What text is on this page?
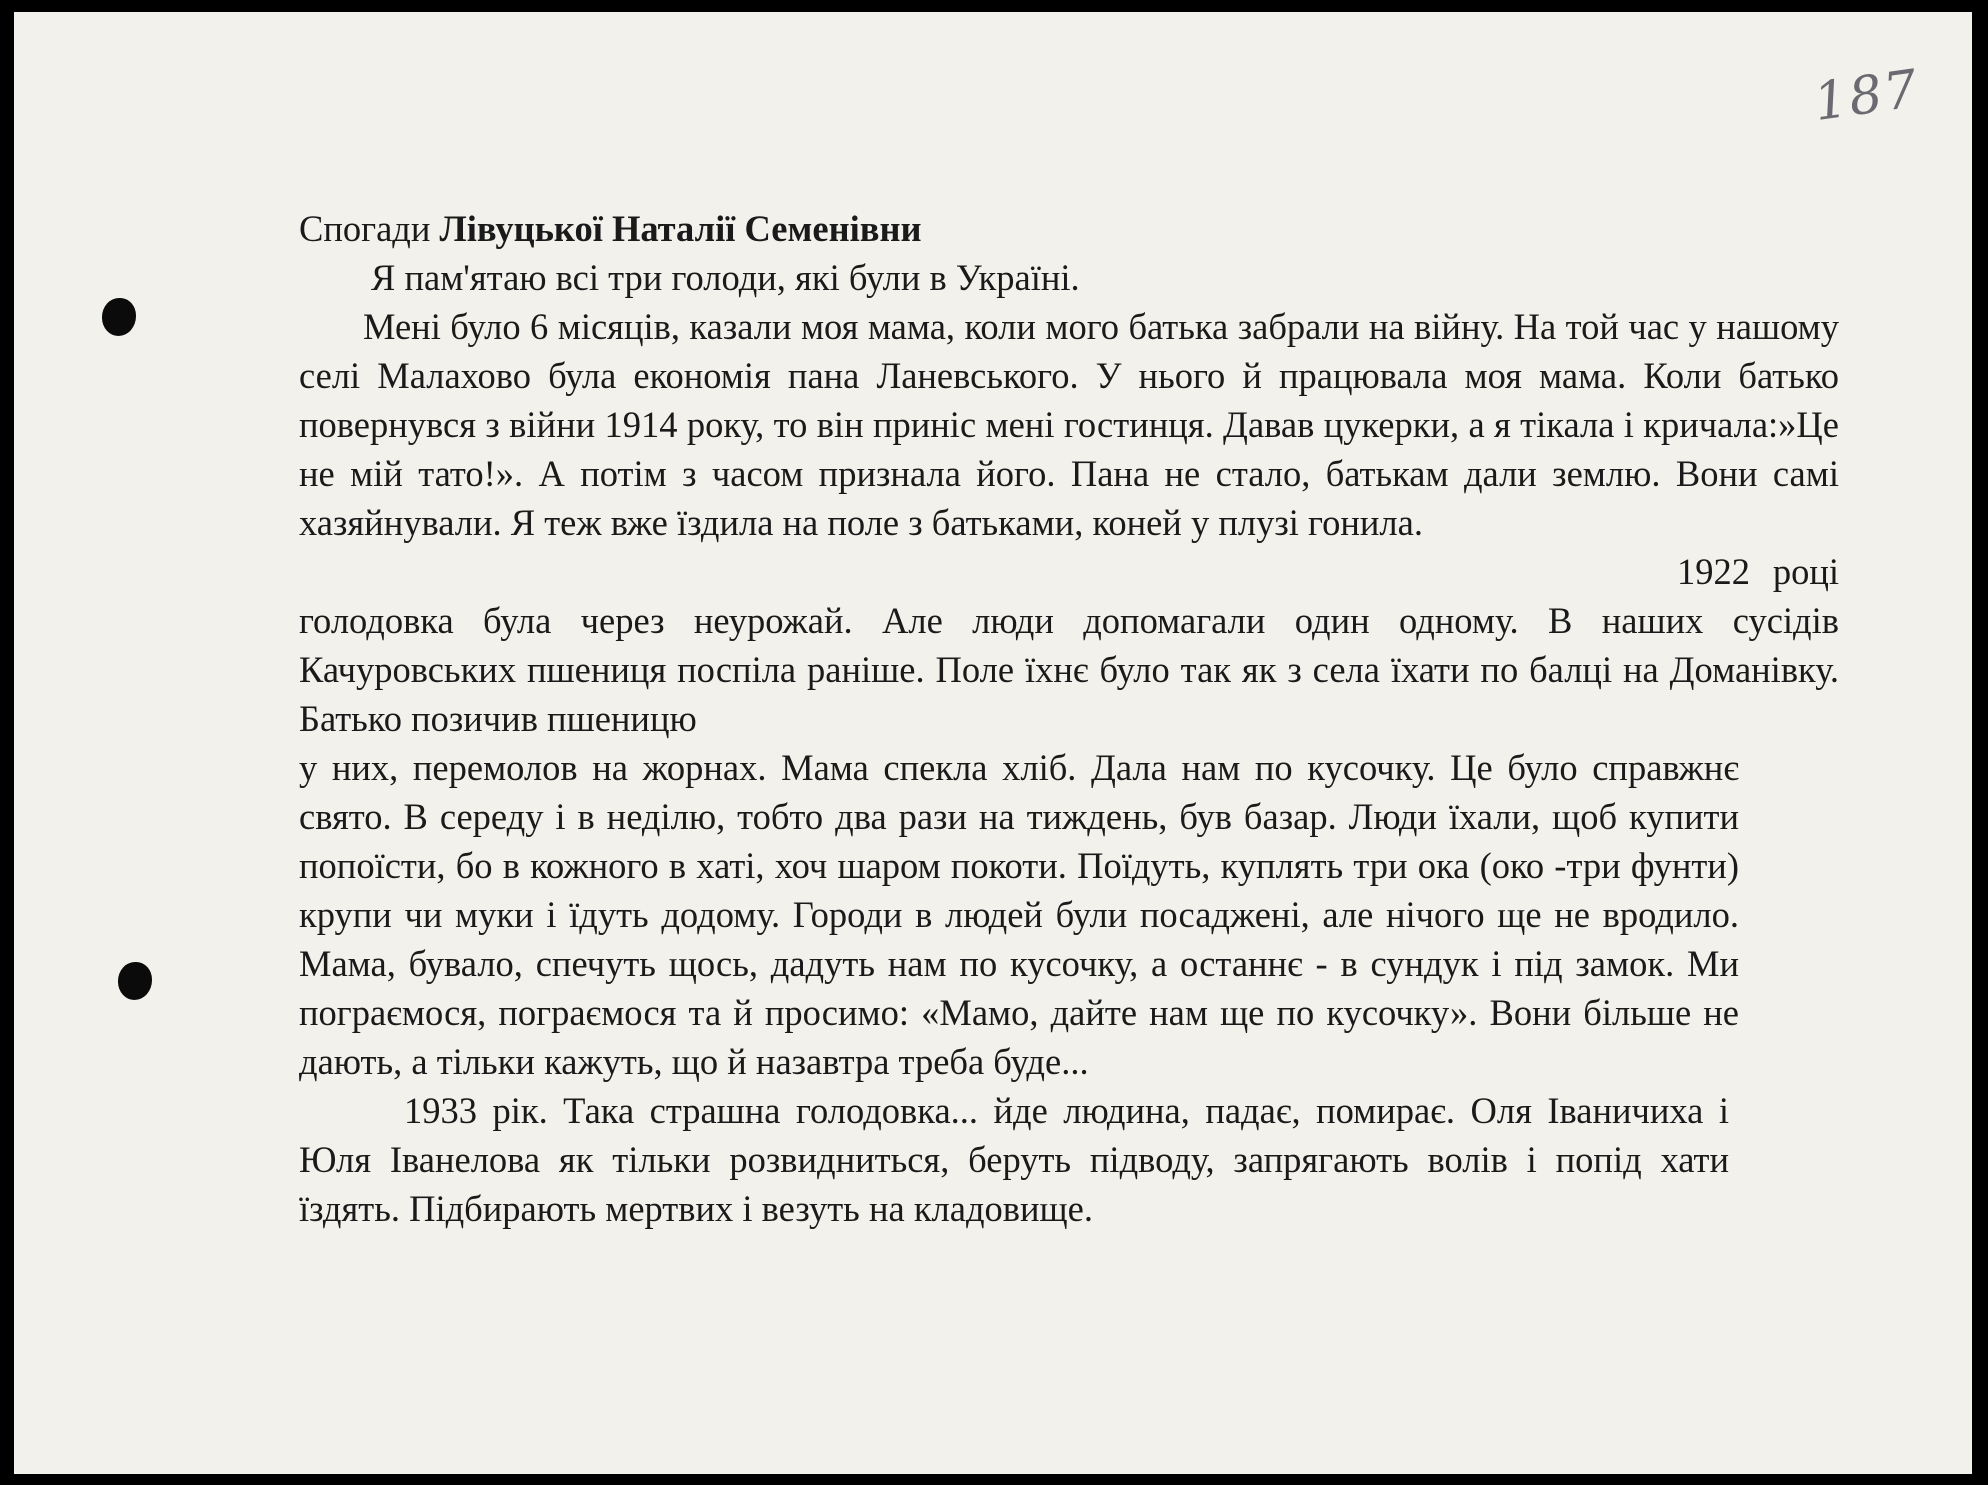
187

Спогади Лівуцької Наталії Семенівни

Я пам'ятаю всі три голоди, які були в Україні.

Мені було 6 місяців, казали моя мама, коли мого батька забрали на війну. На той час у нашому селі Малахово була економія пана Ланевського. У нього й працювала моя мама. Коли батько повернувся з війни 1914 року, то він приніс мені гостинця. Давав цукерки, а я тікала і кричала:»Це не мій тато!». А потім з часом признала його. Пана не стало, батькам дали землю. Вони самі хазяйнували. Я теж вже їздила на поле з батьками, коней у плузі гонила.

1922 році голодовка була через неурожай. Але люди допомагали один одному. В наших сусідів Качуровських пшениця поспіла раніше. Поле їхнє було так як з села їхати по балці на Доманівку. Батько позичив пшеницю

у них, перемолов на жорнах. Мама спекла хліб. Дала нам по кусочку. Це було справжнє свято. В середу і в неділю, тобто два рази на тиждень, був базар. Люди їхали, щоб купити попоїсти, бо в кожного в хаті, хоч шаром покоти. Поїдуть, куплять три ока (око -три фунти) крупи чи муки і їдуть додому. Городи в людей були посаджені, але нічого ще не вродило. Мама, бувало, спечуть щось, дадуть нам по кусочку, а останнє - в сундук і під замок. Ми пограємося, пограємося та й просимо: «Мамо, дайте нам ще по кусочку». Вони більше не дають, а тільки кажуть, що й назавтра треба буде...

1933 рік. Така страшна голодовка... йде людина, падає, помирає. Оля Іваничиха і Юля Іванелова як тільки розвидниться, беруть підводу, запрягають волів і попід хати їздять. Підбирають мертвих і везуть на кладовище.
